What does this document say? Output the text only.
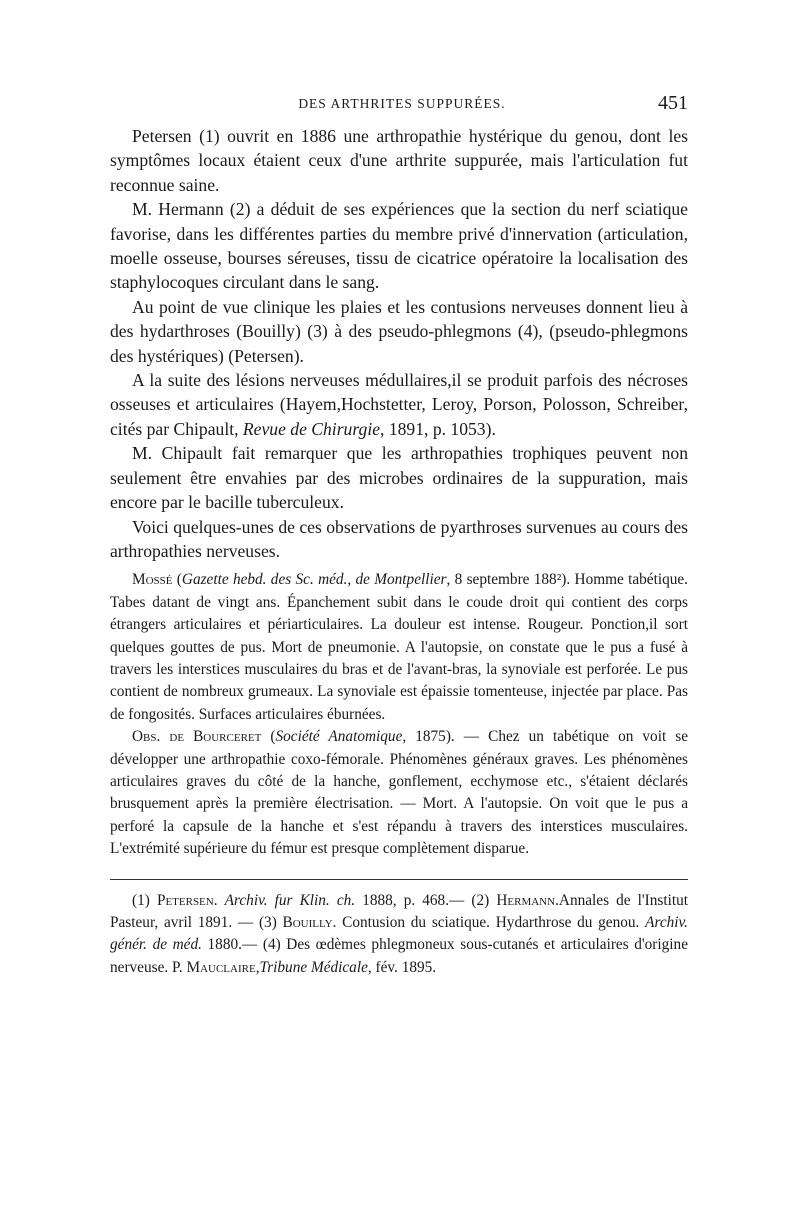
DES ARTHRITES SUPPURÉES.	451

Petersen (1) ouvrit en 1886 une arthropathie hystérique du genou, dont les symptômes locaux étaient ceux d'une arthrite suppurée, mais l'articulation fut reconnue saine.

M. Hermann (2) a déduit de ses expériences que la section du nerf sciatique favorise, dans les différentes parties du membre privé d'innervation (articulation, moelle osseuse, bourses séreuses, tissu de cicatrice opératoire la localisation des staphylocoques circulant dans le sang.

Au point de vue clinique les plaies et les contusions nerveuses donnent lieu à des hydarthroses (Bouilly) (3) à des pseudo-phlegmons (4), (pseudo-phlegmons des hystériques) (Petersen).

A la suite des lésions nerveuses médullaires,il se produit parfois des nécroses osseuses et articulaires (Hayem,Hochstetter, Leroy, Porson, Polosson, Schreiber, cités par Chipault, Revue de Chirurgie, 1891, p. 1053).

M. Chipault fait remarquer que les arthropathies trophiques peuvent non seulement être envahies par des microbes ordinaires de la suppuration, mais encore par le bacille tuberculeux.

Voici quelques-unes de ces observations de pyarthroses survenues au cours des arthropathies nerveuses.

Mossé (Gazette hebd. des Sc. méd., de Montpellier, 8 septembre 188²). Homme tabétique. Tabes datant de vingt ans. Épanchement subit dans le coude droit qui contient des corps étrangers articulaires et périarticulaires. La douleur est intense. Rougeur. Ponction,il sort quelques gouttes de pus. Mort de pneumonie. A l'autopsie, on constate que le pus a fusé à travers les interstices musculaires du bras et de l'avant-bras, la synoviale est perforée. Le pus contient de nombreux grumeaux. La synoviale est épaissie tomenteuse, injectée par place. Pas de fongosités. Surfaces articulaires éburnées.

Obs. de Bourceret (Société Anatomique, 1875). — Chez un tabétique on voit se développer une arthropathie coxo-fémorale. Phénomènes généraux graves. Les phénomènes articulaires graves du côté de la hanche, gonflement, ecchymose etc., s'étaient déclarés brusquement après la première électrisation. — Mort. A l'autopsie. On voit que le pus a perforé la capsule de la hanche et s'est répandu à travers des interstices musculaires. L'extrémité supérieure du fémur est presque complètement disparue.

(1) Petersen. Archiv. fur Klin. ch. 1888, p. 468.— (2) Hermann.Annales de l'Institut Pasteur, avril 1891. — (3) Bouilly. Contusion du sciatique. Hydarthrose du genou. Archiv. génér. de méd. 1880.— (4) Des œdèmes phlegmoneux sous-cutanés et articulaires d'origine nerveuse. P. Mauclaire,Tribune Médicale, fév. 1895.
